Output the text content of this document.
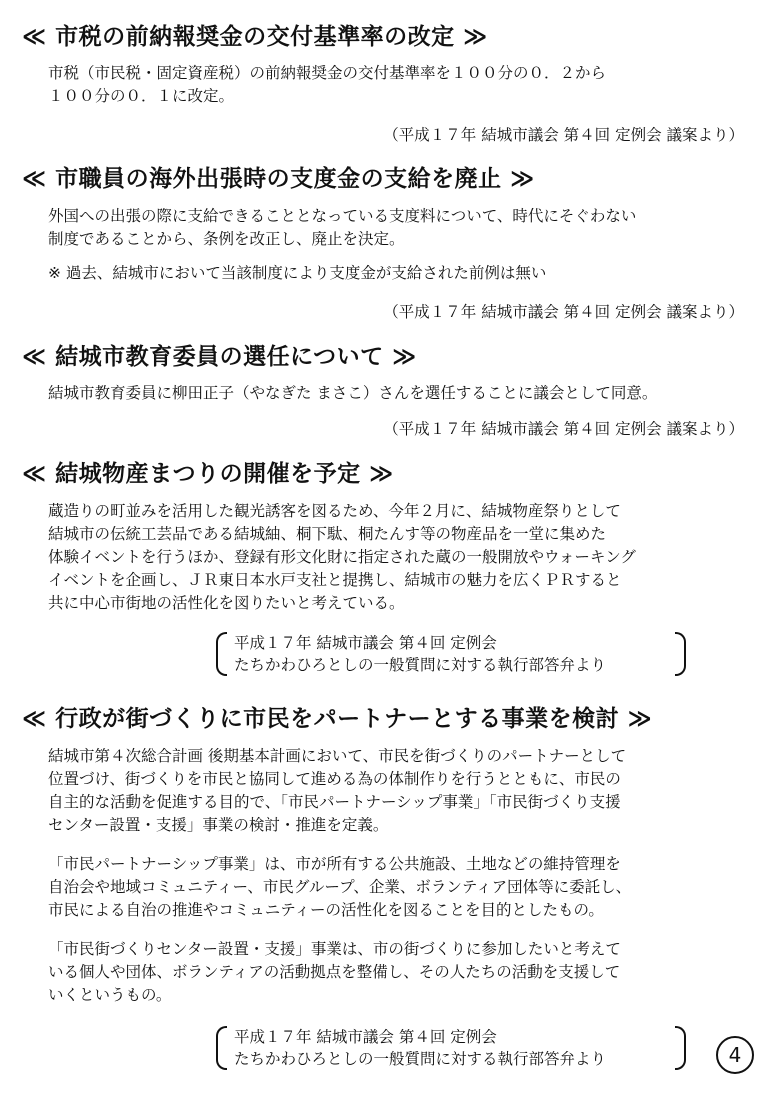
≪ 市税の前納報奨金の交付基準率の改定 ≫

市税（市民税・固定資産税）の前納報奨金の交付基準率を１００分の０．２から

１００分の０．１に改定。

（平成１７年 結城市議会 第４回 定例会 議案より）

≪ 市職員の海外出張時の支度金の支給を廃止 ≫

外国への出張の際に支給できることとなっている支度料について、時代にそぐわない

制度であることから、条例を改正し、廃止を決定。

※ 過去、結城市において当該制度により支度金が支給された前例は無い

（平成１７年 結城市議会 第４回 定例会 議案より）

≪ 結城市教育委員の選任について ≫

結城市教育委員に柳田正子（やなぎた まさこ）さんを選任することに議会として同意。

（平成１７年 結城市議会 第４回 定例会 議案より）

≪ 結城物産まつりの開催を予定 ≫

蔵造りの町並みを活用した観光誘客を図るため、今年２月に、結城物産祭りとして

結城市の伝統工芸品である結城紬、桐下駄、桐たんす等の物産品を一堂に集めた

体験イベントを行うほか、登録有形文化財に指定された蔵の一般開放やウォーキング

イベントを企画し、ＪＲ東日本水戸支社と提携し、結城市の魅力を広くＰＲすると

共に中心市街地の活性化を図りたいと考えている。

平成１７年 結城市議会 第４回 定例会

たちかわひろとしの一般質問に対する執行部答弁より

≪ 行政が街づくりに市民をパートナーとする事業を検討 ≫

結城市第４次総合計画 後期基本計画において、市民を街づくりのパートナーとして

位置づけ、街づくりを市民と協同して進める為の体制作りを行うとともに、市民の

自主的な活動を促進する目的で、「市民パートナーシップ事業」「市民街づくり支援

センター設置・支援」事業の検討・推進を定義。

「市民パートナーシップ事業」は、市が所有する公共施設、土地などの維持管理を

自治会や地域コミュニティー、市民グループ、企業、ボランティア団体等に委託し、

市民による自治の推進やコミュニティーの活性化を図ることを目的としたもの。

「市民街づくりセンター設置・支援」事業は、市の街づくりに参加したいと考えて

いる個人や団体、ボランティアの活動拠点を整備し、その人たちの活動を支援して

いくというもの。

平成１７年 結城市議会 第４回 定例会

たちかわひろとしの一般質問に対する執行部答弁より	4
